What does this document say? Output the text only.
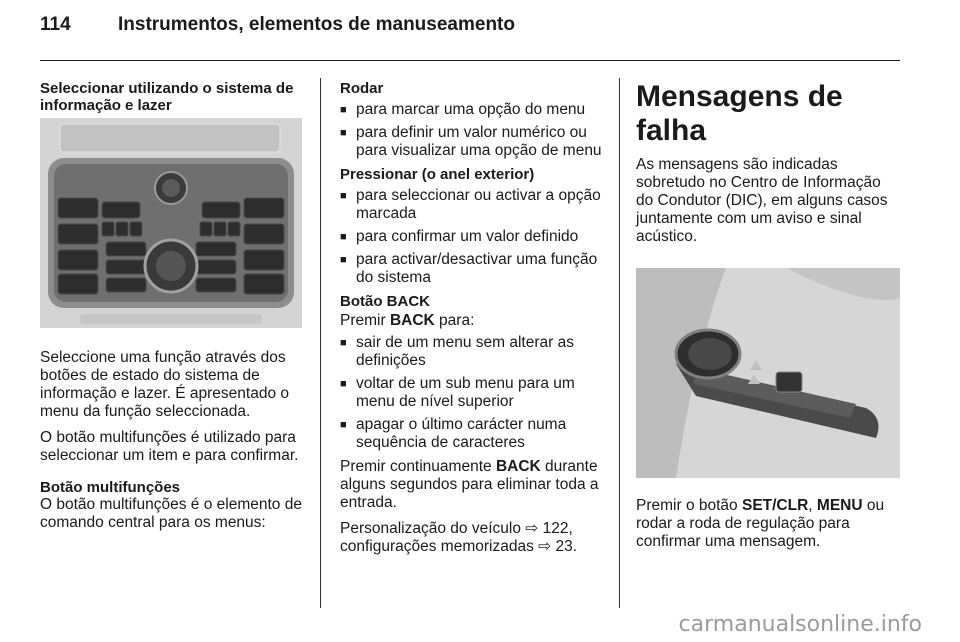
114 Instrumentos, elementos de manuseamento
Seleccionar utilizando o sistema de informação e lazer

Seleccione uma função através dos botões de estado do sistema de informação e lazer. É apresentado o menu da função seleccionada.

O botão multifunções é utilizado para seleccionar um item e para confirmar.

Botão multifunções

O botão multifunções é o elemento de comando central para os menus:

Rodar
■ para marcar uma opção do menu
■ para definir um valor numérico ou para visualizar uma opção de menu
Pressionar (o anel exterior)
■ para seleccionar ou activar a opção marcada
■ para confirmar um valor definido
■ para activar/desactivar uma função do sistema
Botão BACK

Premir BACK para:

■ sair de um menu sem alterar as definições
■ voltar de um sub menu para um menu de nível superior
■ apagar o último carácter numa sequência de caracteres

Premir continuamente BACK durante alguns segundos para eliminar toda a entrada.

Personalização do veículo ⇨ 122,
configurações memorizadas ⇨ 23.

Mensagens de falha

As mensagens são indicadas sobretudo no Centro de Informação do Condutor (DIC), em alguns casos juntamente com um aviso e sinal acústico.

Premir o botão SET/CLR, MENU ou rodar a roda de regulação para confirmar uma mensagem.

carmanualsonline.info
